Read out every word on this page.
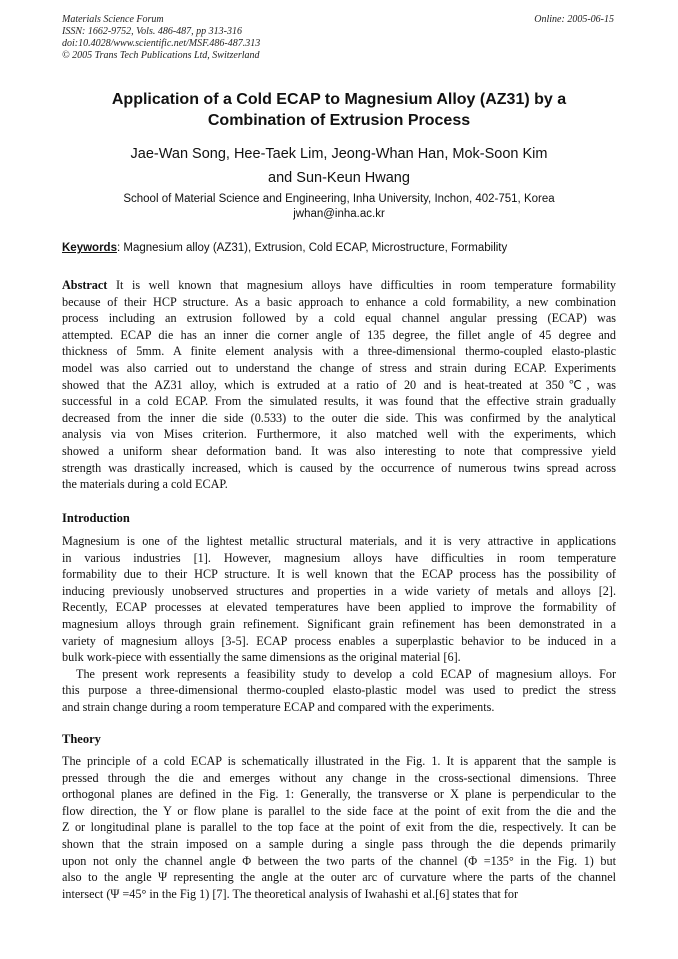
Materials Science Forum
ISSN: 1662-9752, Vols. 486-487, pp 313-316
doi:10.4028/www.scientific.net/MSF.486-487.313
© 2005 Trans Tech Publications Ltd, Switzerland
Online: 2005-06-15
Application of a Cold ECAP to Magnesium Alloy (AZ31) by a
Combination of Extrusion Process
Jae-Wan Song, Hee-Taek Lim, Jeong-Whan Han, Mok-Soon Kim
and Sun-Keun Hwang
School of Material Science and Engineering, Inha University, Inchon, 402-751, Korea
jwhan@inha.ac.kr
Keywords: Magnesium alloy (AZ31), Extrusion, Cold ECAP, Microstructure, Formability
Abstract It is well known that magnesium alloys have difficulties in room temperature formability
because of their HCP structure. As a basic approach to enhance a cold formability, a new combination
process including an extrusion followed by a cold equal channel angular pressing (ECAP) was
attempted. ECAP die has an inner die corner angle of 135 degree, the fillet angle of 45 degree and
thickness of 5mm. A finite element analysis with a three-dimensional thermo-coupled elasto-plastic
model was also carried out to understand the change of stress and strain during ECAP. Experiments
showed that the AZ31 alloy, which is extruded at a ratio of 20 and is heat-treated at 350℃, was
successful in a cold ECAP. From the simulated results, it was found that the effective strain gradually
decreased from the inner die side (0.533) to the outer die side. This was confirmed by the analytical
analysis via von Mises criterion. Furthermore, it also matched well with the experiments, which
showed a uniform shear deformation band. It was also interesting to note that compressive yield
strength was drastically increased, which is caused by the occurrence of numerous twins spread across
the materials during a cold ECAP.
Introduction
Magnesium is one of the lightest metallic structural materials, and it is very attractive in applications
in various industries [1]. However, magnesium alloys have difficulties in room temperature
formability due to their HCP structure. It is well known that the ECAP process has the possibility of
inducing previously unobserved structures and properties in a wide variety of metals and alloys [2].
Recently, ECAP processes at elevated temperatures have been applied to improve the formability of
magnesium alloys through grain refinement. Significant grain refinement has been demonstrated in a
variety of magnesium alloys [3-5]. ECAP process enables a superplastic behavior to be induced in a
bulk work-piece with essentially the same dimensions as the original material [6].
The present work represents a feasibility study to develop a cold ECAP of magnesium alloys. For
this purpose a three-dimensional thermo-coupled elasto-plastic model was used to predict the stress
and strain change during a room temperature ECAP and compared with the experiments.
Theory
The principle of a cold ECAP is schematically illustrated in the Fig. 1. It is apparent that the sample is
pressed through the die and emerges without any change in the cross-sectional dimensions. Three
orthogonal planes are defined in the Fig. 1: Generally, the transverse or X plane is perpendicular to the
flow direction, the Y or flow plane is parallel to the side face at the point of exit from the die and the
Z or longitudinal plane is parallel to the top face at the point of exit from the die, respectively. It can be
shown that the strain imposed on a sample during a single pass through the die depends primarily
upon not only the channel angle Φ between the two parts of the channel (Φ =135° in the Fig. 1) but
also to the angle Ψ representing the angle at the outer arc of curvature where the parts of the channel
intersect (Ψ =45° in the Fig 1) [7]. The theoretical analysis of Iwahashi et al.[6] states that for
